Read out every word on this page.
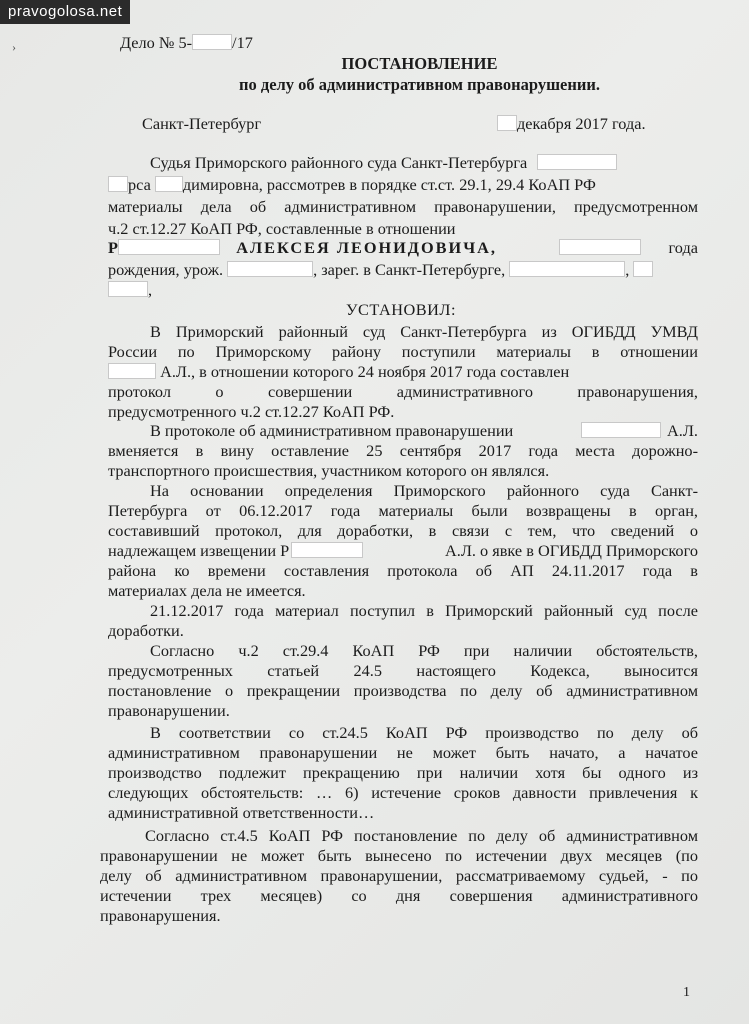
pravogolosa.net
›	Дело № 5- /17
ПОСТАНОВЛЕНИЕ
по делу об административном правонарушении.
Санкт-Петербург	декабря 2017 года.
Судья Приморского районного суда Санкт-Петербурга
рса димировна, рассмотрев в порядке ст.ст. 29.1, 29.4 КоАП РФ
материалы дела об административном правонарушении, предусмотренном
ч.2 ст.12.27 КоАП РФ, составленные в отношении
Р	АЛЕКСЕЯ ЛЕОНИДОВИЧА,	года
рождения, урож.	, зарег. в Санкт-Петербурге,	,
,
УСТАНОВИЛ:
В Приморский районный суд Санкт-Петербурга из ОГИБДД УМВД
России по Приморскому району поступили материалы в отношении
А.Л., в отношении которого 24 ноября 2017 года составлен
протокол о совершении административного правонарушения,
предусмотренного ч.2 ст.12.27 КоАП РФ.
В протоколе об административном правонарушении	А.Л.
вменяется в вину оставление 25 сентября 2017 года места дорожно-
транспортного происшествия, участником которого он являлся.
На основании определения Приморского районного суда Санкт-
Петербурга от 06.12.2017 года материалы были возвращены в орган,
составивший протокол, для доработки, в связи с тем, что сведений о
надлежащем извещении Р	А.Л. о явке в ОГИБДД Приморского
района ко времени составления протокола об АП 24.11.2017 года в
материалах дела не имеется.
21.12.2017 года материал поступил в Приморский районный суд после
доработки.
Согласно ч.2 ст.29.4 КоАП РФ при наличии обстоятельств,
предусмотренных статьей 24.5 настоящего Кодекса, выносится
постановление о прекращении производства по делу об административном
правонарушении.
В соответствии со ст.24.5 КоАП РФ производство по делу об
административном правонарушении не может быть начато, а начатое
производство подлежит прекращению при наличии хотя бы одного из
следующих обстоятельств: … 6) истечение сроков давности привлечения к
административной ответственности…
Согласно ст.4.5 КоАП РФ постановление по делу об административном
правонарушении не может быть вынесено по истечении двух месяцев (по
делу об административном правонарушении, рассматриваемому судьей, - по
истечении трех месяцев) со дня совершения административного
правонарушения.
1
